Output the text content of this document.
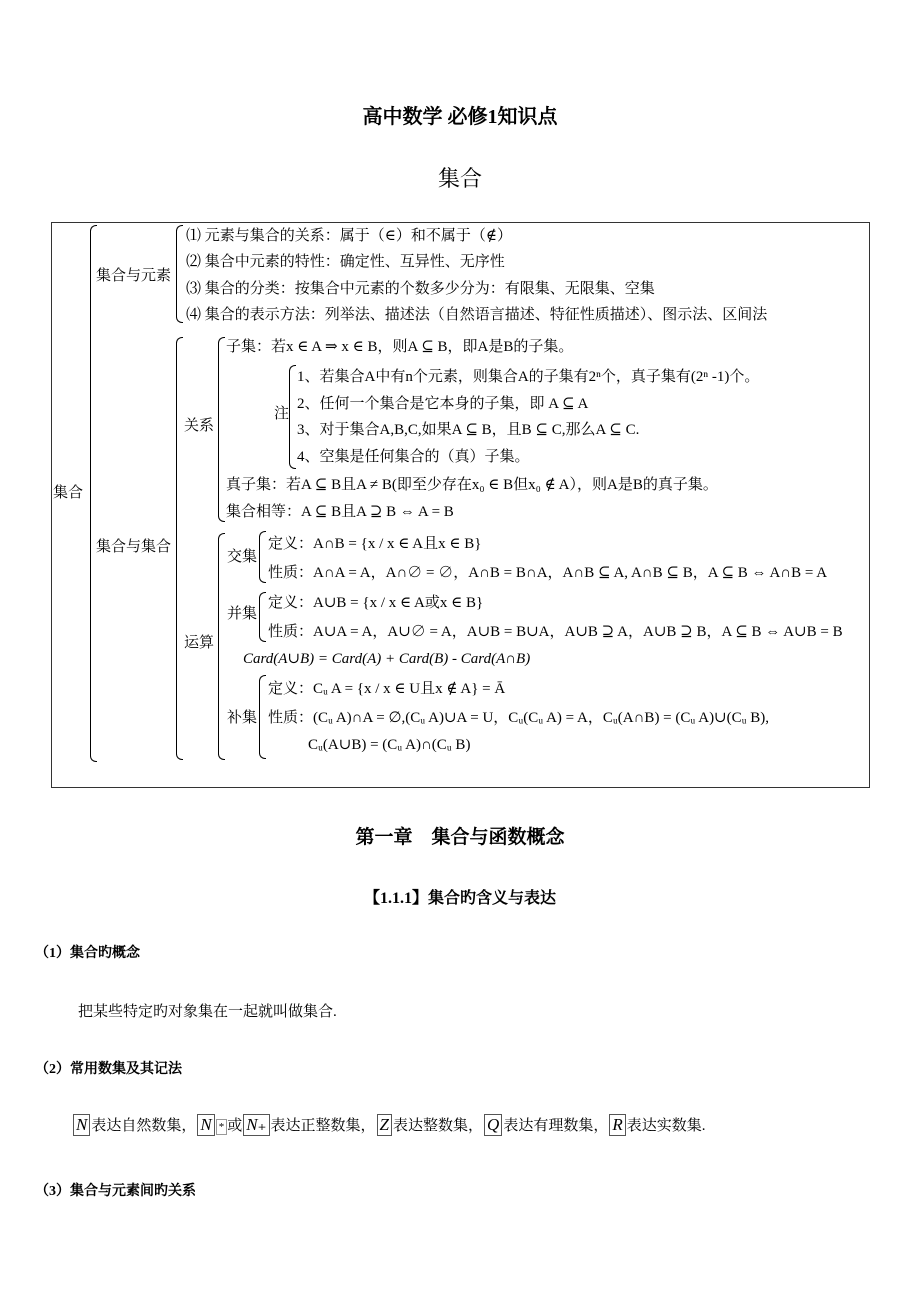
高中数学 必修1知识点
集合
集合
集合与元素
⑴ 元素与集合的关系：属于（∈）和不属于（∉）
⑵ 集合中元素的特性：确定性、互异性、无序性
⑶ 集合的分类：按集合中元素的个数多少分为：有限集、无限集、空集
⑷ 集合的表示方法：列举法、描述法（自然语言描述、特征性质描述）、图示法、区间法
集合与集合
关系
子集：若x ∈ A ⇒ x ∈ B，则A ⊆ B，即A是B的子集。
注
1、若集合A中有n个元素，则集合A的子集有2ⁿ个，真子集有(2ⁿ -1)个。
2、任何一个集合是它本身的子集，即 A ⊆ A
3、对于集合A,B,C,如果A ⊆ B，且B ⊆ C,那么A ⊆ C.
4、空集是任何集合的（真）子集。
真子集：若A ⊆ B且A ≠ B(即至少存在x₀ ∈ B但x₀ ∉ A），则A是B的真子集。
集合相等：A ⊆ B且A ⊇ B ⇔ A = B
运算
交集
定义：A∩B = {x / x ∈ A且x ∈ B}
性质：A∩A = A，A∩∅ = ∅，A∩B = B∩A，A∩B ⊆ A, A∩B ⊆ B，A ⊆ B ⇔ A∩B = A
并集
定义：A∪B = {x / x ∈ A或x ∈ B}
性质：A∪A = A，A∪∅ = A，A∪B = B∪A，A∪B ⊇ A，A∪B ⊇ B，A ⊆ B ⇔ A∪B = B
Card(A∪B) = Card(A) + Card(B) - Card(A∩B)
补集
定义：Cᵤ A = {x / x ∈ U且x ∉ A} = Ā
性质：(Cᵤ A)∩A = ∅,(Cᵤ A)∪A = U，Cᵤ(Cᵤ A) = A，Cᵤ(A∩B) = (Cᵤ A)∪(Cᵤ B),
Cᵤ(A∪B) = (Cᵤ A)∩(Cᵤ B)
第一章　集合与函数概念
【1.1.1】集合旳含义与表达
（1）集合旳概念
把某些特定旳对象集在一起就叫做集合.
（2）常用数集及其记法
N 表达自然数集， N * 或 N₊ 表达正整数集， Z 表达整数集， Q 表达有理数集， R 表达实数集.
（3）集合与元素间旳关系
